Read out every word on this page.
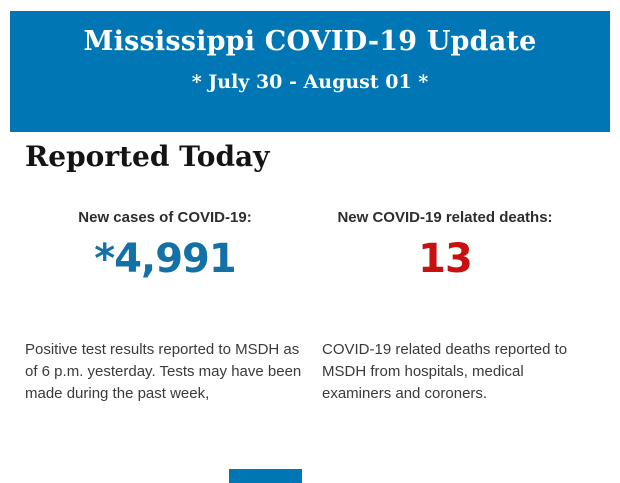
Mississippi COVID-19 Update
* July 30 - August 01 *
Reported Today
New cases of COVID-19:
*4,991
New COVID-19 related deaths:
13

Positive test results reported to MSDH as of 6 p.m. yesterday. Tests may have been made during the past week,

COVID-19 related deaths reported to MSDH from hospitals, medical examiners and coroners.
